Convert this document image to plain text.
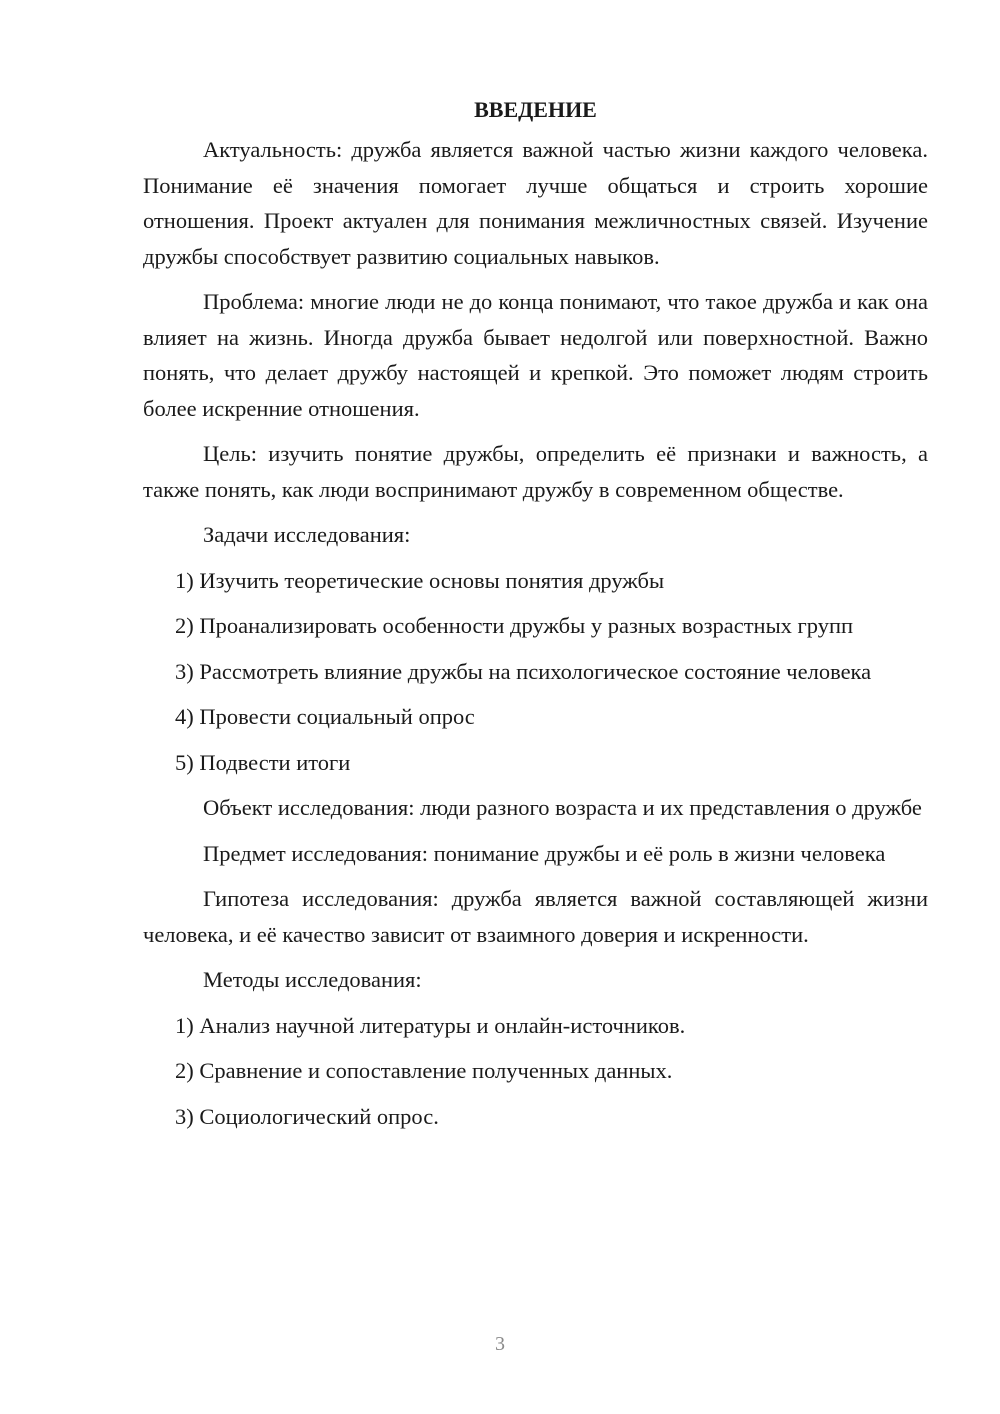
ВВЕДЕНИЕ

Актуальность: дружба является важной частью жизни каждого человека. Понимание её значения помогает лучше общаться и строить хорошие отношения. Проект актуален для понимания межличностных связей. Изучение дружбы способствует развитию социальных навыков.

Проблема: многие люди не до конца понимают, что такое дружба и как она влияет на жизнь. Иногда дружба бывает недолгой или поверхностной. Важно понять, что делает дружбу настоящей и крепкой. Это поможет людям строить более искренние отношения.

Цель: изучить понятие дружбы, определить её признаки и важность, а также понять, как люди воспринимают дружбу в современном обществе.

Задачи исследования:

1) Изучить теоретические основы понятия дружбы

2) Проанализировать особенности дружбы у разных возрастных групп

3) Рассмотреть влияние дружбы на психологическое состояние человека

4) Провести социальный опрос

5) Подвести итоги

Объект исследования: люди разного возраста и их представления о дружбе

Предмет исследования: понимание дружбы и её роль в жизни человека

Гипотеза исследования: дружба является важной составляющей жизни человека, и её качество зависит от взаимного доверия и искренности.

Методы исследования:

1) Анализ научной литературы и онлайн-источников.

2) Сравнение и сопоставление полученных данных.

3) Социологический опрос.

3
